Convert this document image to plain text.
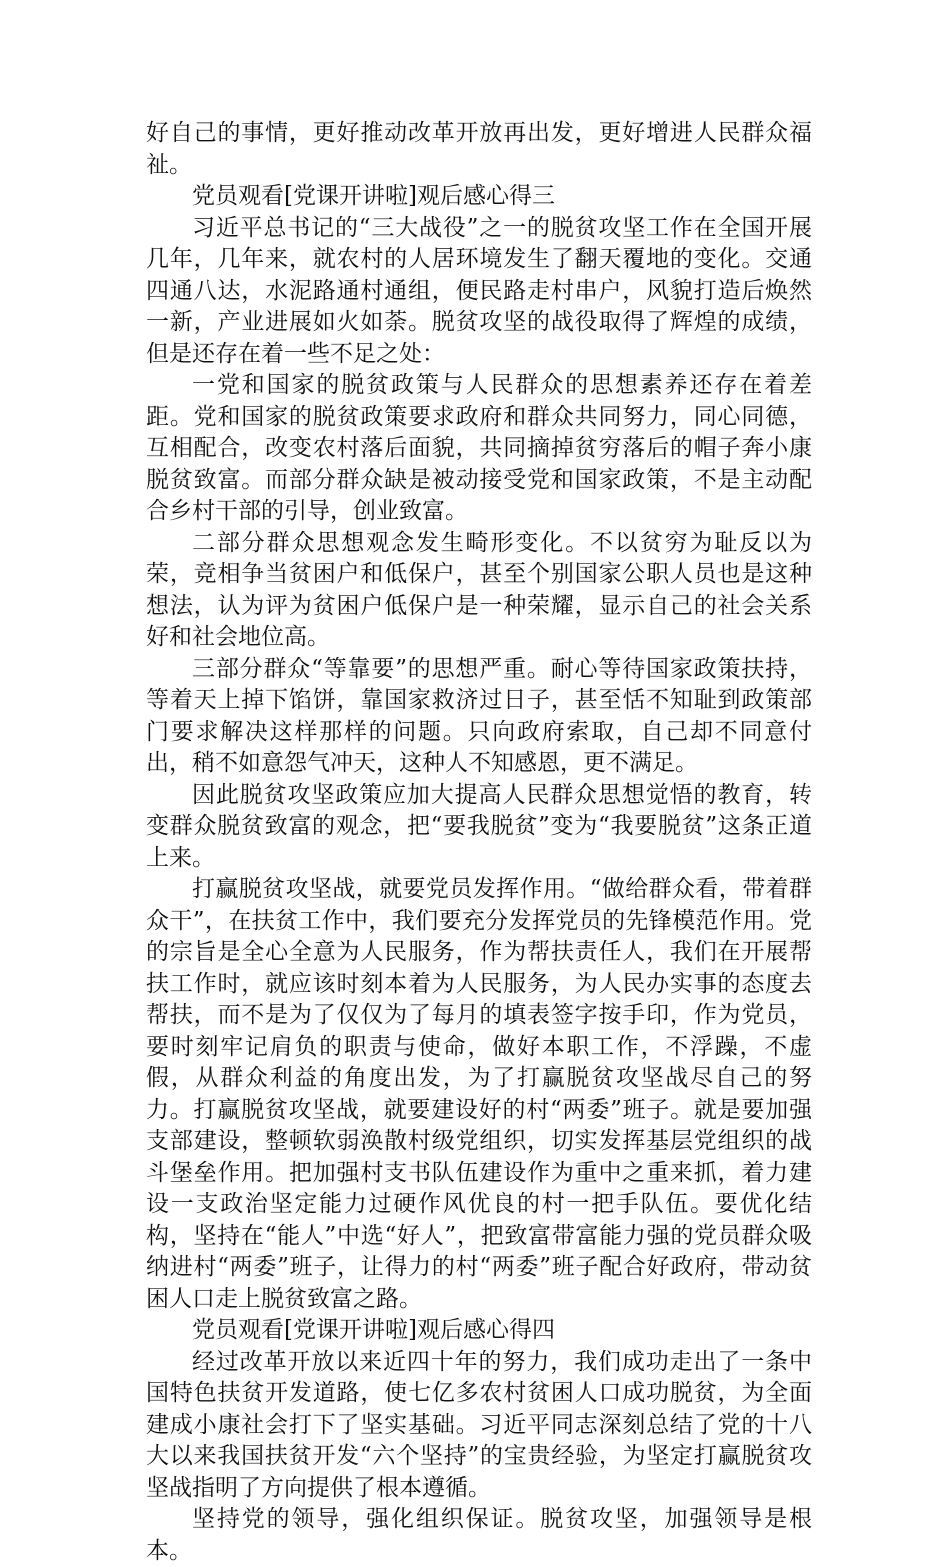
好自己的事情，更好推动改革开放再出发，更好增进人民群众福祉。

党员观看[党课开讲啦]观后感心得三

习近平总书记的“三大战役”之一的脱贫攻坚工作在全国开展几年，几年来，就农村的人居环境发生了翻天覆地的变化。交通四通八达，水泥路通村通组，便民路走村串户，风貌打造后焕然一新，产业进展如火如荼。脱贫攻坚的战役取得了辉煌的成绩，但是还存在着一些不足之处：

一党和国家的脱贫政策与人民群众的思想素养还存在着差距。党和国家的脱贫政策要求政府和群众共同努力，同心同德，互相配合，改变农村落后面貌，共同摘掉贫穷落后的帽子奔小康脱贫致富。而部分群众缺是被动接受党和国家政策，不是主动配合乡村干部的引导，创业致富。

二部分群众思想观念发生畸形变化。不以贫穷为耻反以为荣，竞相争当贫困户和低保户，甚至个别国家公职人员也是这种想法，认为评为贫困户低保户是一种荣耀，显示自己的社会关系好和社会地位高。

三部分群众“等靠要”的思想严重。耐心等待国家政策扶持，等着天上掉下馅饼，靠国家救济过日子，甚至恬不知耻到政策部门要求解决这样那样的问题。只向政府索取，自己却不同意付出，稍不如意怨气冲天，这种人不知感恩，更不满足。

因此脱贫攻坚政策应加大提高人民群众思想觉悟的教育，转变群众脱贫致富的观念，把“要我脱贫”变为“我要脱贫”这条正道上来。

打赢脱贫攻坚战，就要党员发挥作用。“做给群众看，带着群众干”，在扶贫工作中，我们要充分发挥党员的先锋模范作用。党的宗旨是全心全意为人民服务，作为帮扶责任人，我们在开展帮扶工作时，就应该时刻本着为人民服务，为人民办实事的态度去帮扶，而不是为了仅仅为了每月的填表签字按手印，作为党员，要时刻牢记肩负的职责与使命，做好本职工作，不浮躁，不虚假，从群众利益的角度出发，为了打赢脱贫攻坚战尽自己的努力。打赢脱贫攻坚战，就要建设好的村“两委”班子。就是要加强支部建设，整顿软弱涣散村级党组织，切实发挥基层党组织的战斗堡垒作用。把加强村支书队伍建设作为重中之重来抓，着力建设一支政治坚定能力过硬作风优良的村一把手队伍。要优化结构，坚持在“能人”中选“好人”，把致富带富能力强的党员群众吸纳进村“两委”班子，让得力的村“两委”班子配合好政府，带动贫困人口走上脱贫致富之路。

党员观看[党课开讲啦]观后感心得四

经过改革开放以来近四十年的努力，我们成功走出了一条中国特色扶贫开发道路，使七亿多农村贫困人口成功脱贫，为全面建成小康社会打下了坚实基础。习近平同志深刻总结了党的十八大以来我国扶贫开发“六个坚持”的宝贵经验，为坚定打赢脱贫攻坚战指明了方向提供了根本遵循。

坚持党的领导，强化组织保证。脱贫攻坚，加强领导是根本。
